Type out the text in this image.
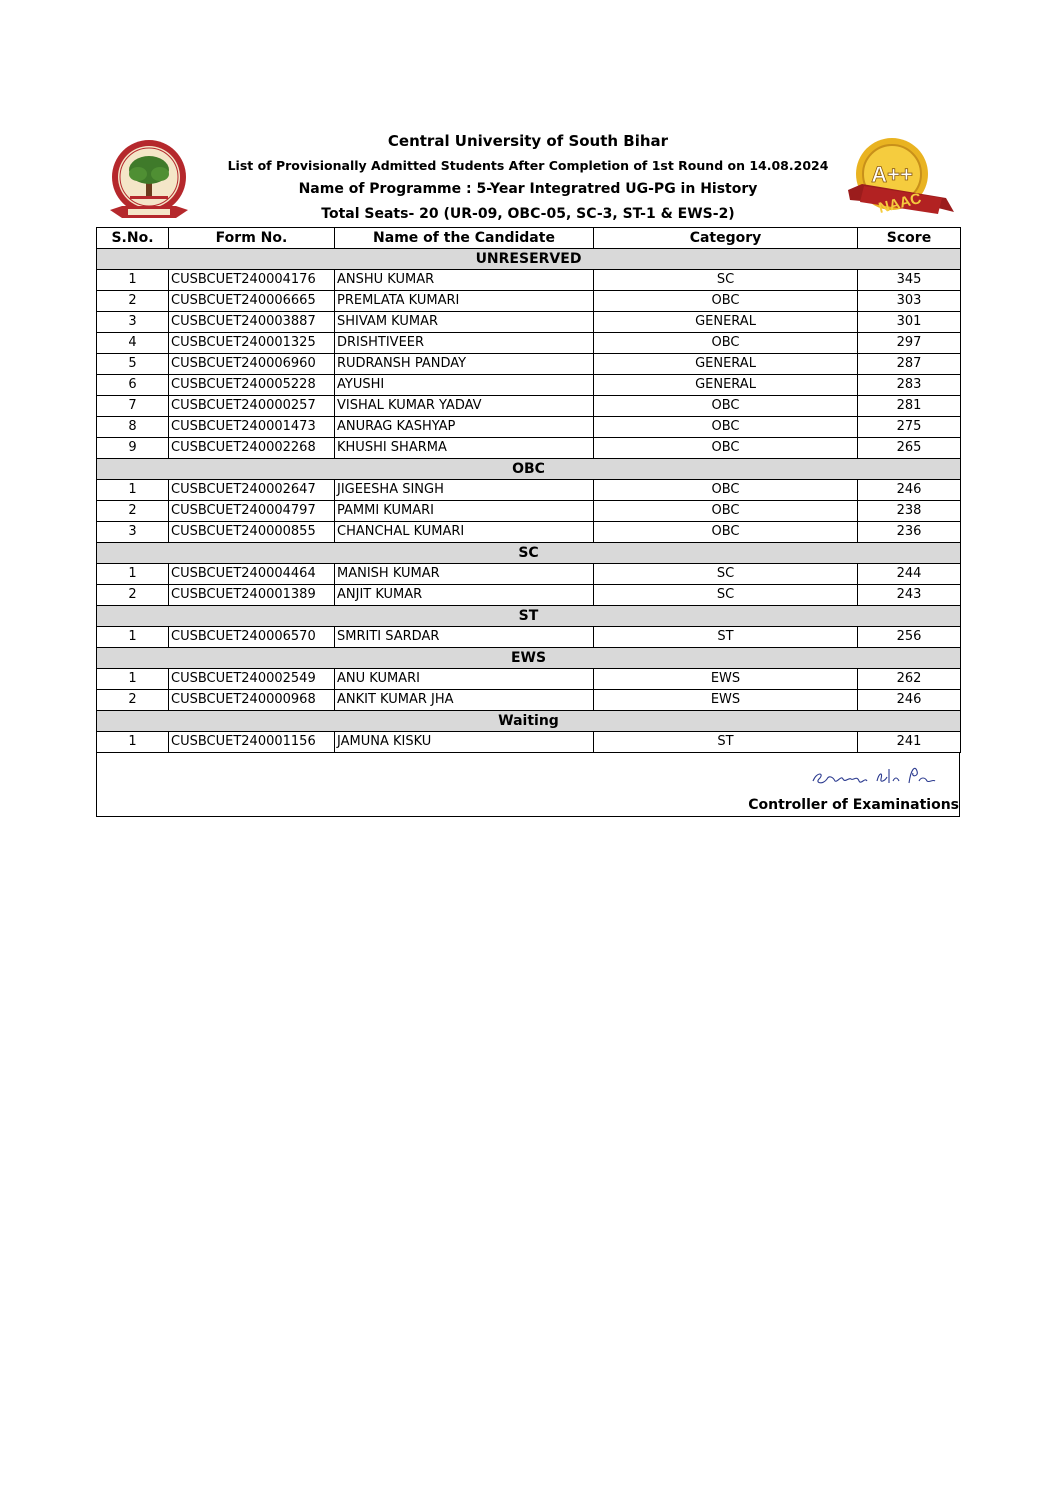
Central University of South Bihar
List of Provisionally Admitted Students After Completion of 1st Round on 14.08.2024
Name of Programme : 5-Year Integratred UG-PG in History
Total Seats- 20 (UR-09, OBC-05, SC-3, ST-1 & EWS-2)
A++
NAAC
S.No.	Form No.	Name of the Candidate	Category	Score
UNRESERVED				
1	CUSBCUET240004176	ANSHU KUMAR	SC	345
2	CUSBCUET240006665	PREMLATA KUMARI	OBC	303
3	CUSBCUET240003887	SHIVAM KUMAR	GENERAL	301
4	CUSBCUET240001325	DRISHTIVEER	OBC	297
5	CUSBCUET240006960	RUDRANSH PANDAY	GENERAL	287
6	CUSBCUET240005228	AYUSHI	GENERAL	283
7	CUSBCUET240000257	VISHAL KUMAR YADAV	OBC	281
8	CUSBCUET240001473	ANURAG KASHYAP	OBC	275
9	CUSBCUET240002268	KHUSHI SHARMA	OBC	265
OBC				
1	CUSBCUET240002647	JIGEESHA SINGH	OBC	246
2	CUSBCUET240004797	PAMMI KUMARI	OBC	238
3	CUSBCUET240000855	CHANCHAL KUMARI	OBC	236
SC				
1	CUSBCUET240004464	MANISH KUMAR	SC	244
2	CUSBCUET240001389	ANJIT KUMAR	SC	243
ST				
1	CUSBCUET240006570	SMRITI SARDAR	ST	256
EWS				
1	CUSBCUET240002549	ANU KUMARI	EWS	262
2	CUSBCUET240000968	ANKIT KUMAR JHA	EWS	246
Waiting				
1	CUSBCUET240001156	JAMUNA KISKU	ST	241
Controller of Examinations
